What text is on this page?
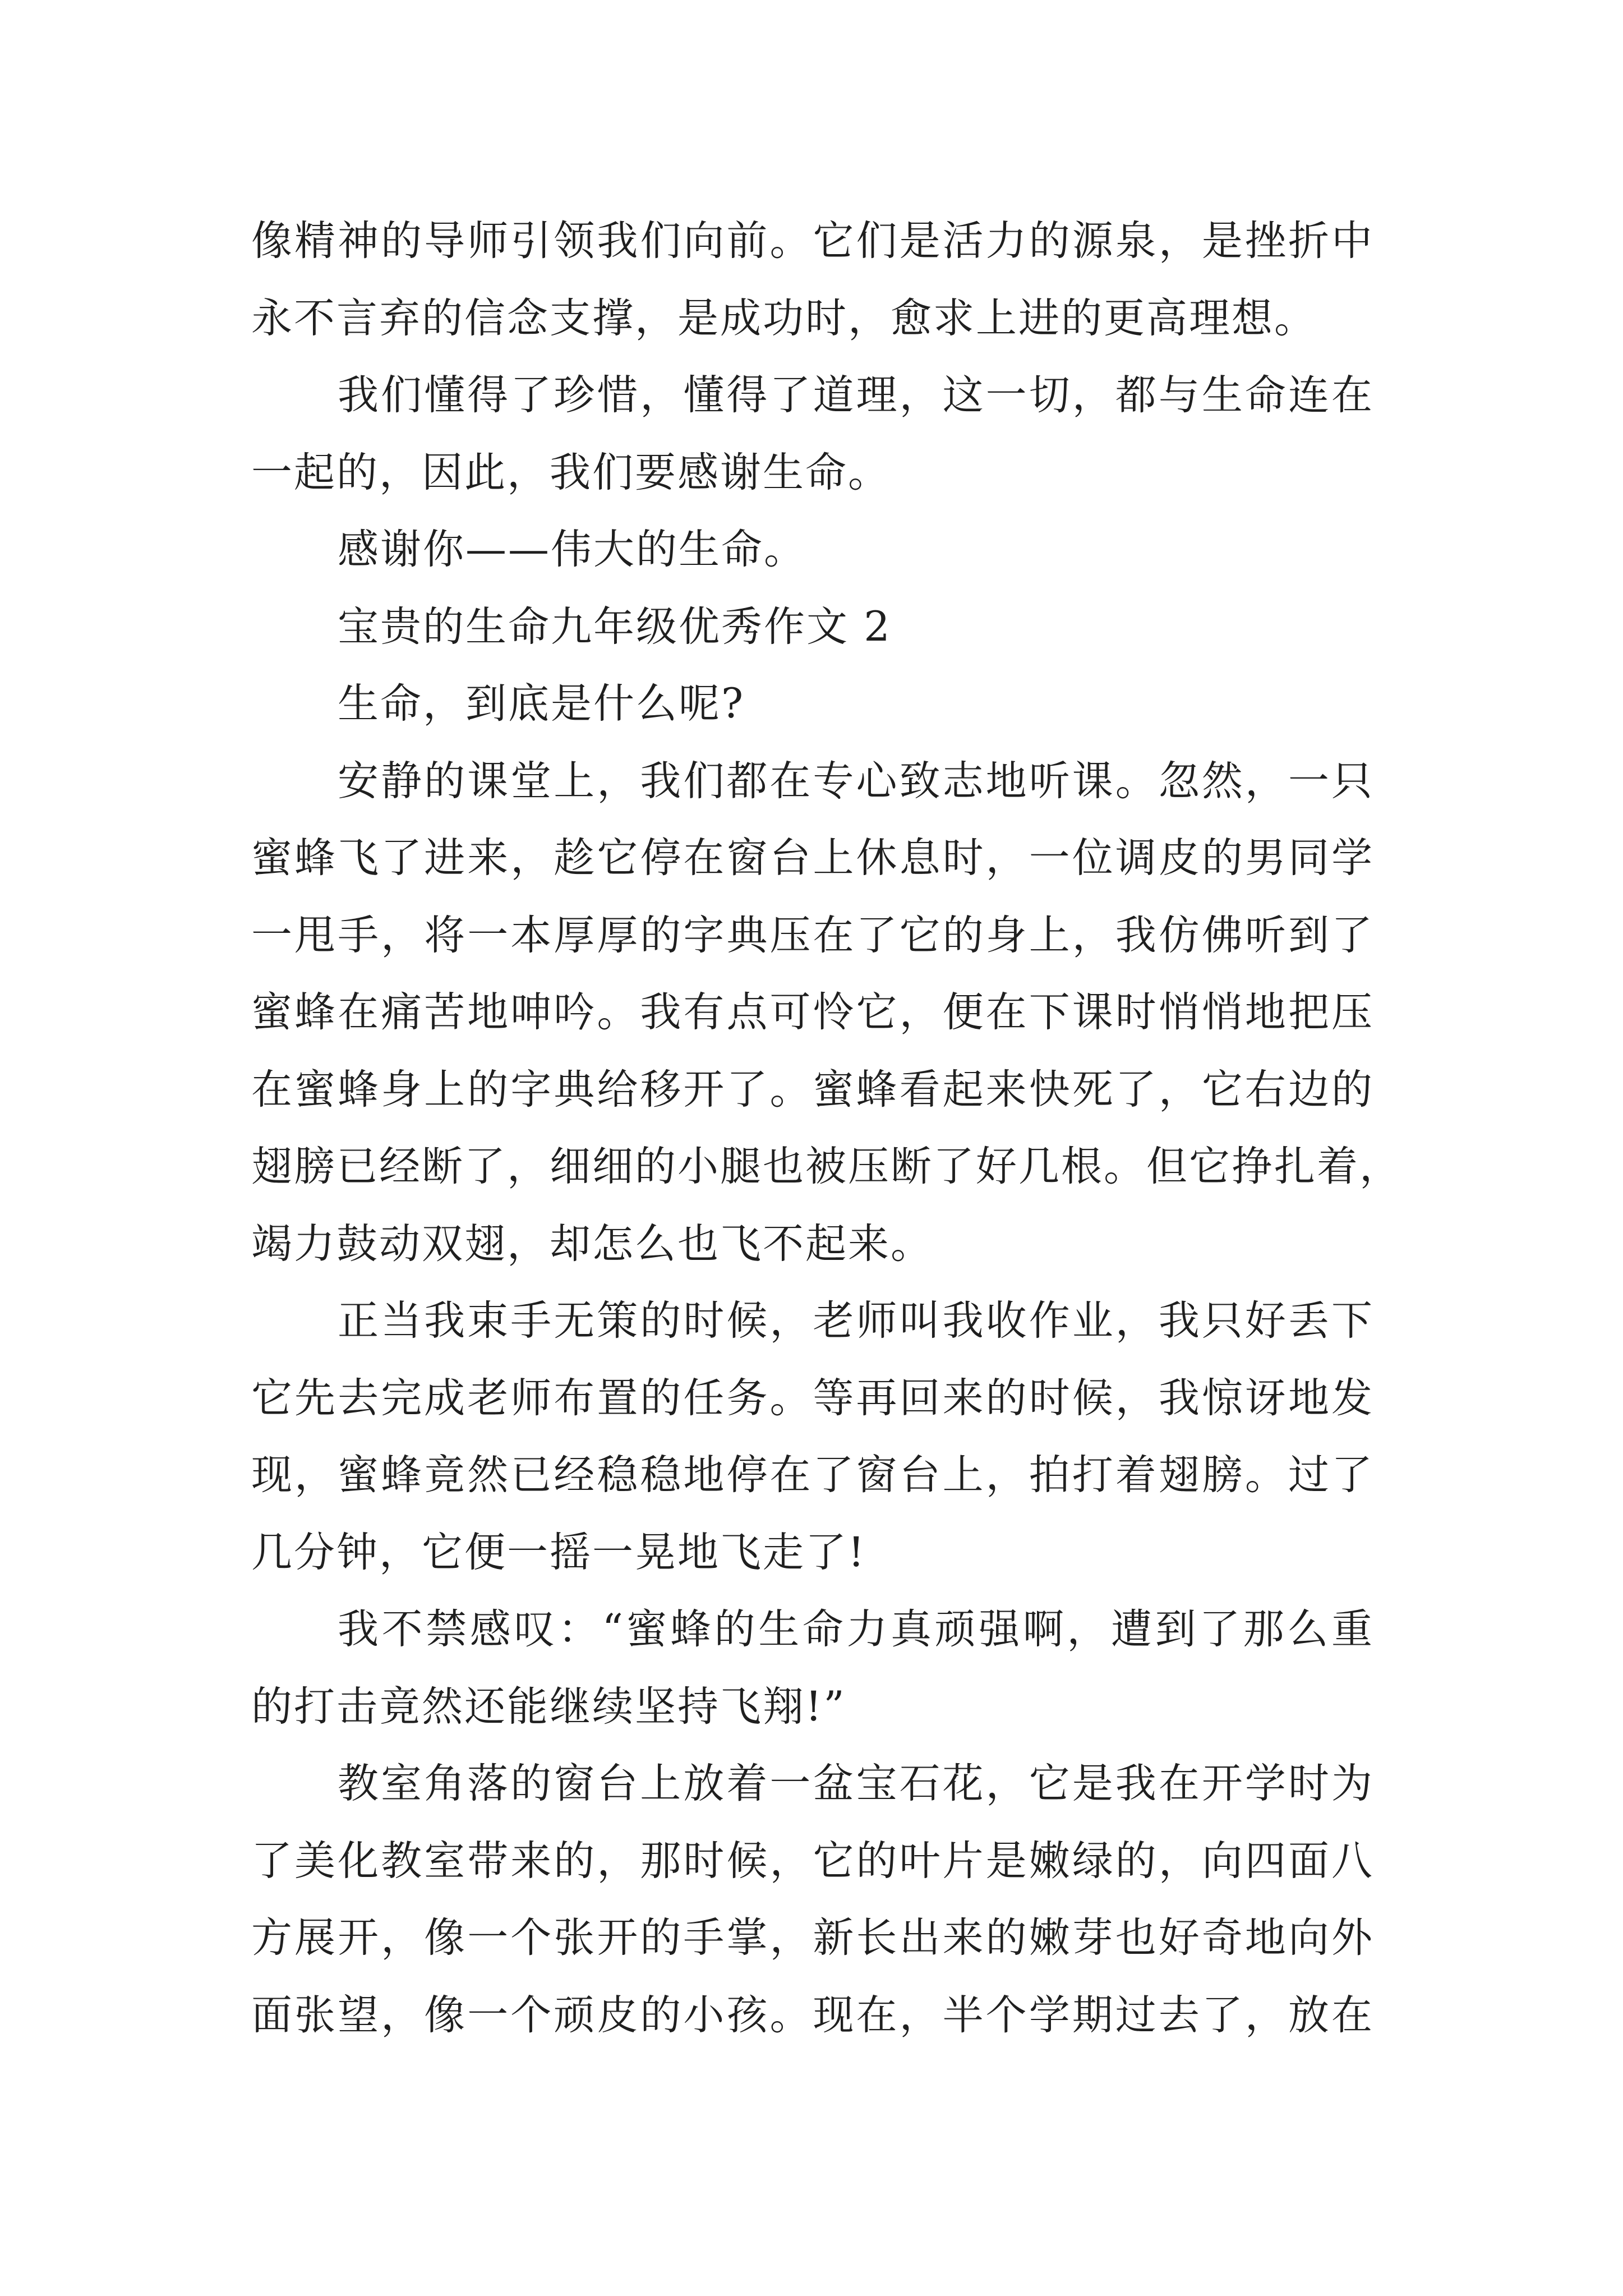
像精神的导师引领我们向前。它们是活力的源泉，是挫折中
永不言弃的信念支撑，是成功时，愈求上进的更高理想。
我们懂得了珍惜，懂得了道理，这一切，都与生命连在
一起的，因此，我们要感谢生命。
感谢你——伟大的生命。
宝贵的生命九年级优秀作文 2
生命，到底是什么呢?
安静的课堂上，我们都在专心致志地听课。忽然，一只
蜜蜂飞了进来，趁它停在窗台上休息时，一位调皮的男同学
一甩手，将一本厚厚的字典压在了它的身上，我仿佛听到了
蜜蜂在痛苦地呻吟。我有点可怜它，便在下课时悄悄地把压
在蜜蜂身上的字典给移开了。蜜蜂看起来快死了，它右边的
翅膀已经断了，细细的小腿也被压断了好几根。但它挣扎着，
竭力鼓动双翅，却怎么也飞不起来。
正当我束手无策的时候，老师叫我收作业，我只好丢下
它先去完成老师布置的任务。等再回来的时候，我惊讶地发
现，蜜蜂竟然已经稳稳地停在了窗台上，拍打着翅膀。过了
几分钟，它便一摇一晃地飞走了!
我不禁感叹：“蜜蜂的生命力真顽强啊，遭到了那么重
的打击竟然还能继续坚持飞翔!”
教室角落的窗台上放着一盆宝石花，它是我在开学时为
了美化教室带来的，那时候，它的叶片是嫩绿的，向四面八
方展开，像一个张开的手掌，新长出来的嫩芽也好奇地向外
面张望，像一个顽皮的小孩。现在，半个学期过去了，放在
